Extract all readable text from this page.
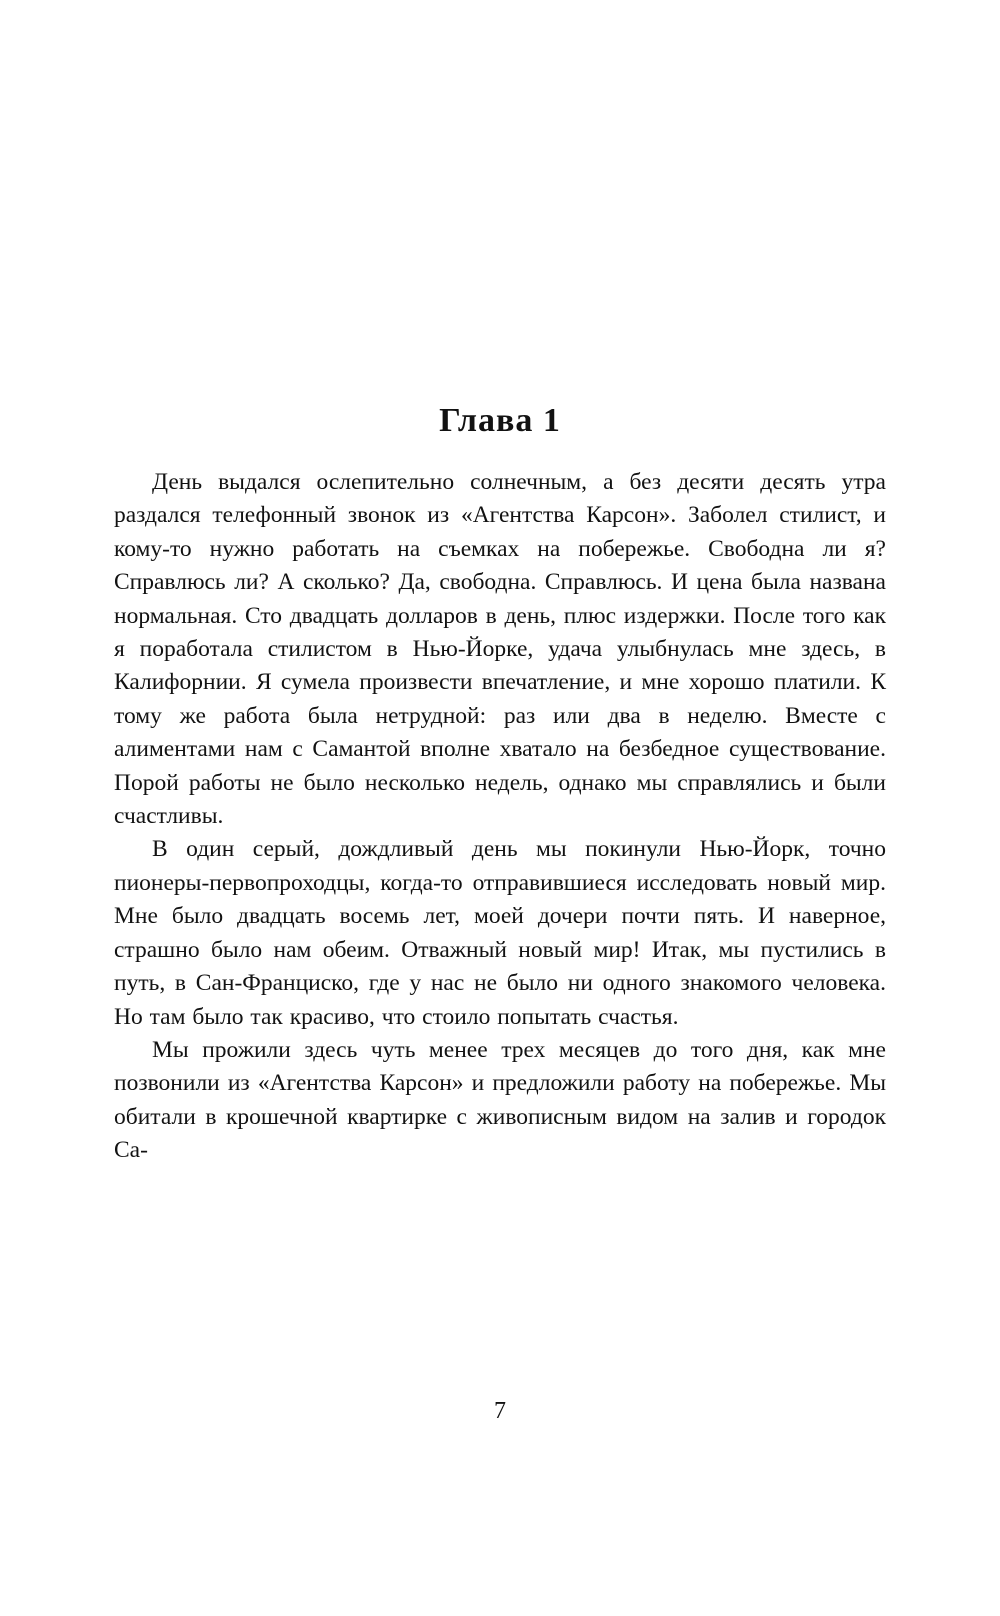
Глава 1

День выдался ослепительно солнечным, а без десяти десять утра раздался телефонный звонок из «Агентства Карсон». Заболел стилист, и кому-то нужно работать на съемках на побережье. Свободна ли я? Справлюсь ли? А сколько? Да, свободна. Справлюсь. И цена была названа нормальная. Сто двадцать долларов в день, плюс издержки. После того как я поработала стилистом в Нью-Йорке, удача улыбнулась мне здесь, в Калифорнии. Я сумела произвести впечатление, и мне хорошо платили. К тому же работа была нетрудной: раз или два в неделю. Вместе с алиментами нам с Самантой вполне хватало на безбедное существование. Порой работы не было несколько недель, однако мы справлялись и были счастливы.

В один серый, дождливый день мы покинули Нью-Йорк, точно пионеры-первопроходцы, когда-то отправившиеся исследовать новый мир. Мне было двадцать восемь лет, моей дочери почти пять. И наверное, страшно было нам обеим. Отважный новый мир! Итак, мы пустились в путь, в Сан-Франциско, где у нас не было ни одного знакомого человека. Но там было так красиво, что стоило попытать счастья.

Мы прожили здесь чуть менее трех месяцев до того дня, как мне позвонили из «Агентства Карсон» и предложили работу на побережье. Мы обитали в крошечной квартирке с живописным видом на залив и городок Са-

7
